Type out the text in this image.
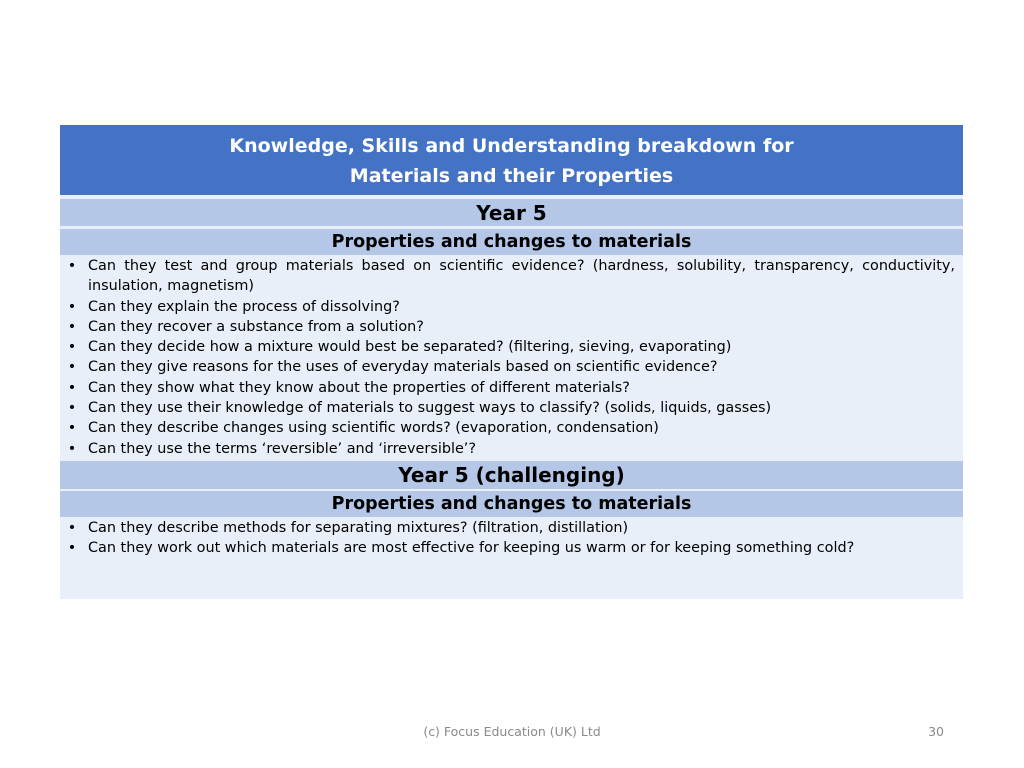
Knowledge, Skills and Understanding breakdown for
Materials and their Properties
Year 5
Properties and changes to materials
• Can they test and group materials based on scientific evidence? (hardness, solubility, transparency, conductivity, insulation, magnetism)
• Can they explain the process of dissolving?
• Can they recover a substance from a solution?
• Can they decide how a mixture would best be separated? (filtering, sieving, evaporating)
• Can they give reasons for the uses of everyday materials based on scientific evidence?
• Can they show what they know about the properties of different materials?
• Can they use their knowledge of materials to suggest ways to classify? (solids, liquids, gasses)
• Can they describe changes using scientific words? (evaporation, condensation)
• Can they use the terms ‘reversible’ and ‘irreversible’?
Year 5 (challenging)
Properties and changes to materials
• Can they describe methods for separating mixtures? (filtration, distillation)
• Can they work out which materials are most effective for keeping us warm or for keeping something cold?
(c) Focus Education (UK) Ltd	30
